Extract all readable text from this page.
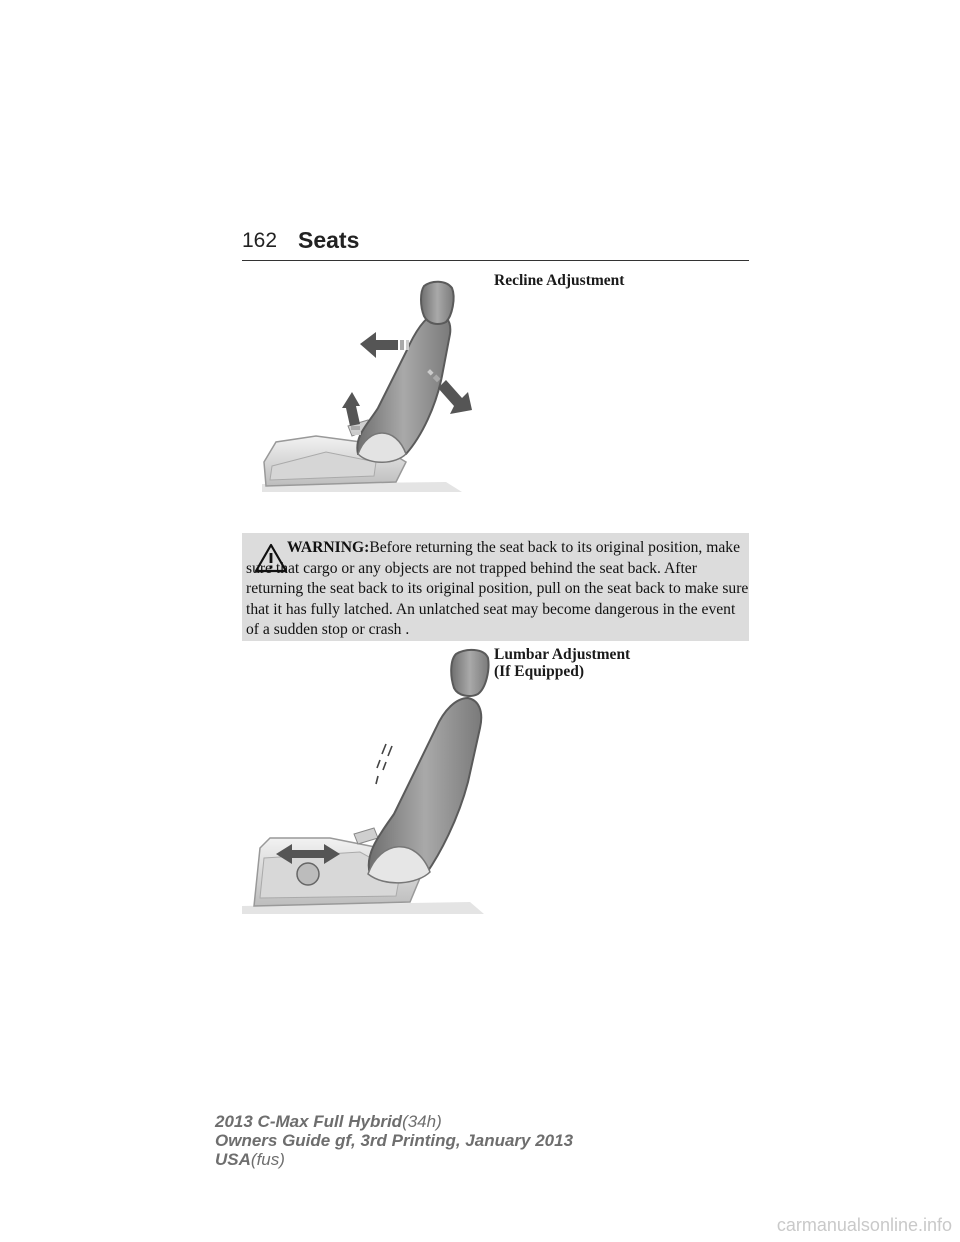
162 Seats
Recline Adjustment
WARNING:Before returning the seat back to its original position, make sure that cargo or any objects are not trapped behind the seat back. After returning the seat back to its original position, pull on the seat back to make sure that it has fully latched. An unlatched seat may become dangerous in the event of a sudden stop or crash .
Lumbar Adjustment
(If Equipped)
2013 C-Max Full Hybrid(34h)
Owners Guide gf, 3rd Printing, January 2013
USA(fus)
carmanualsonline.info
